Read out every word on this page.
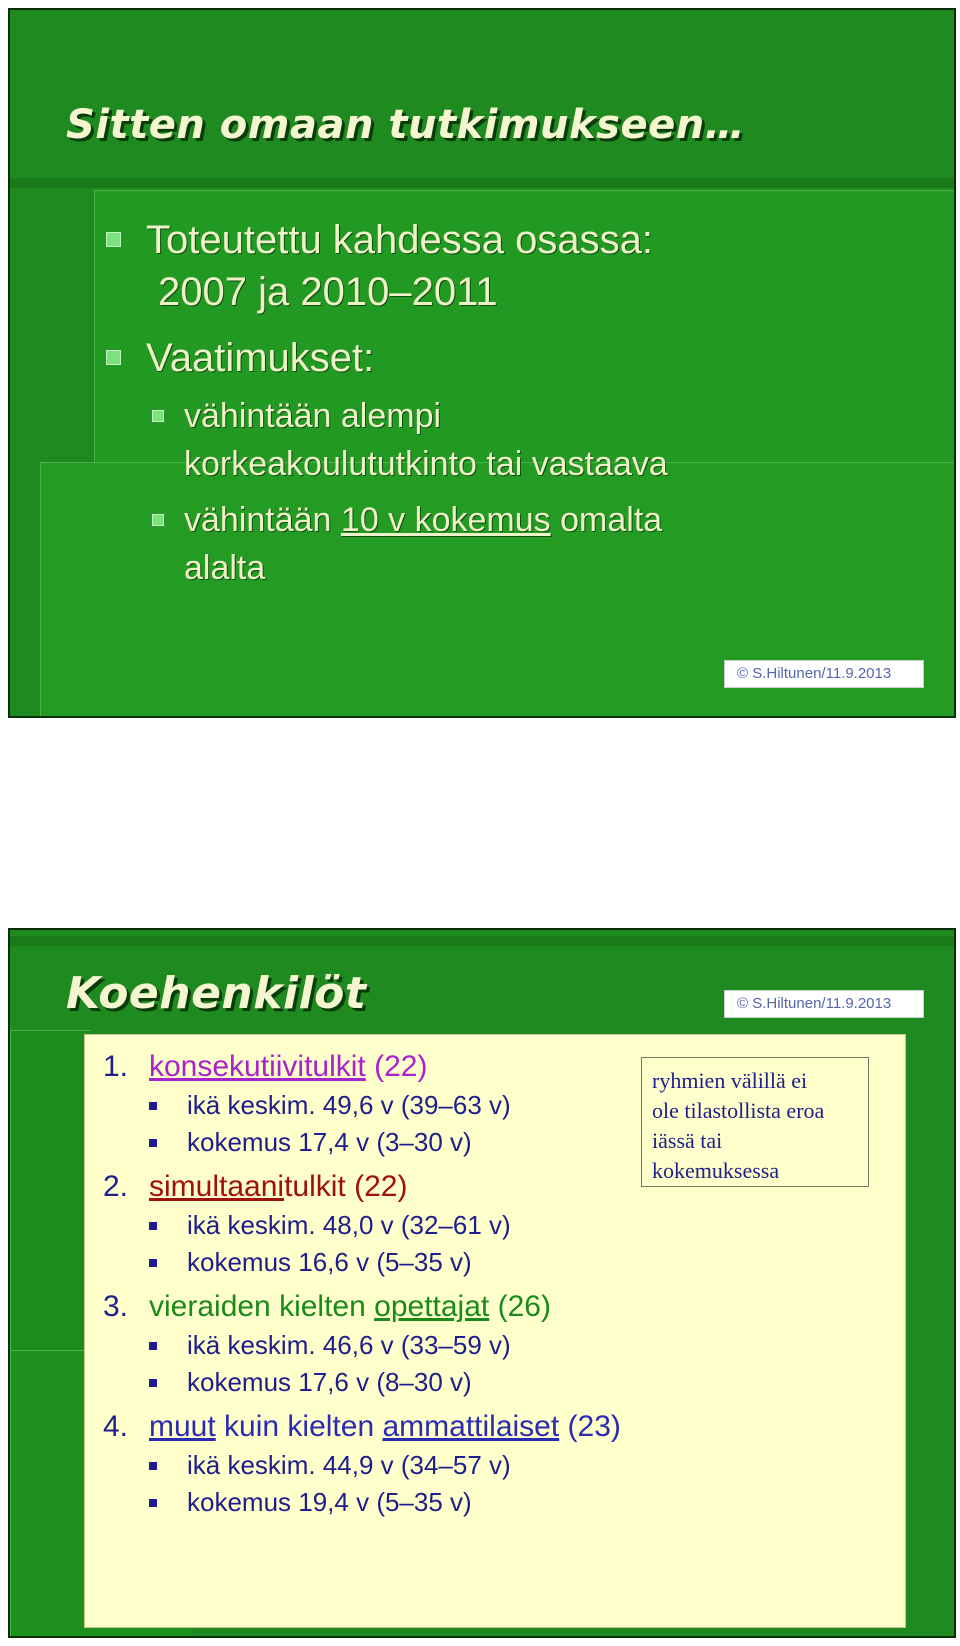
Sitten omaan tutkimukseen…
Toteutettu kahdessa osassa:
2007 ja 2010–2011
Vaatimukset:
vähintään alempi
korkeakoulututkinto tai vastaava
vähintään 10 v kokemus omalta
alalta
© S.Hiltunen/11.9.2013
Koehenkilöt	© S.Hiltunen/11.9.2013
1. konsekutiivitulkit (22)
ikä keskim. 49,6 v (39–63 v)
kokemus 17,4 v (3–30 v)
2. simultaanitulkit (22)
ikä keskim. 48,0 v (32–61 v)
kokemus 16,6 v (5–35 v)
3. vieraiden kielten opettajat (26)
ikä keskim. 46,6 v (33–59 v)
kokemus 17,6 v (8–30 v)
4. muut kuin kielten ammattilaiset (23)
ikä keskim. 44,9 v (34–57 v)
kokemus 19,4 v (5–35 v)
ryhmien välillä ei
ole tilastollista eroa
iässä tai
kokemuksessa
